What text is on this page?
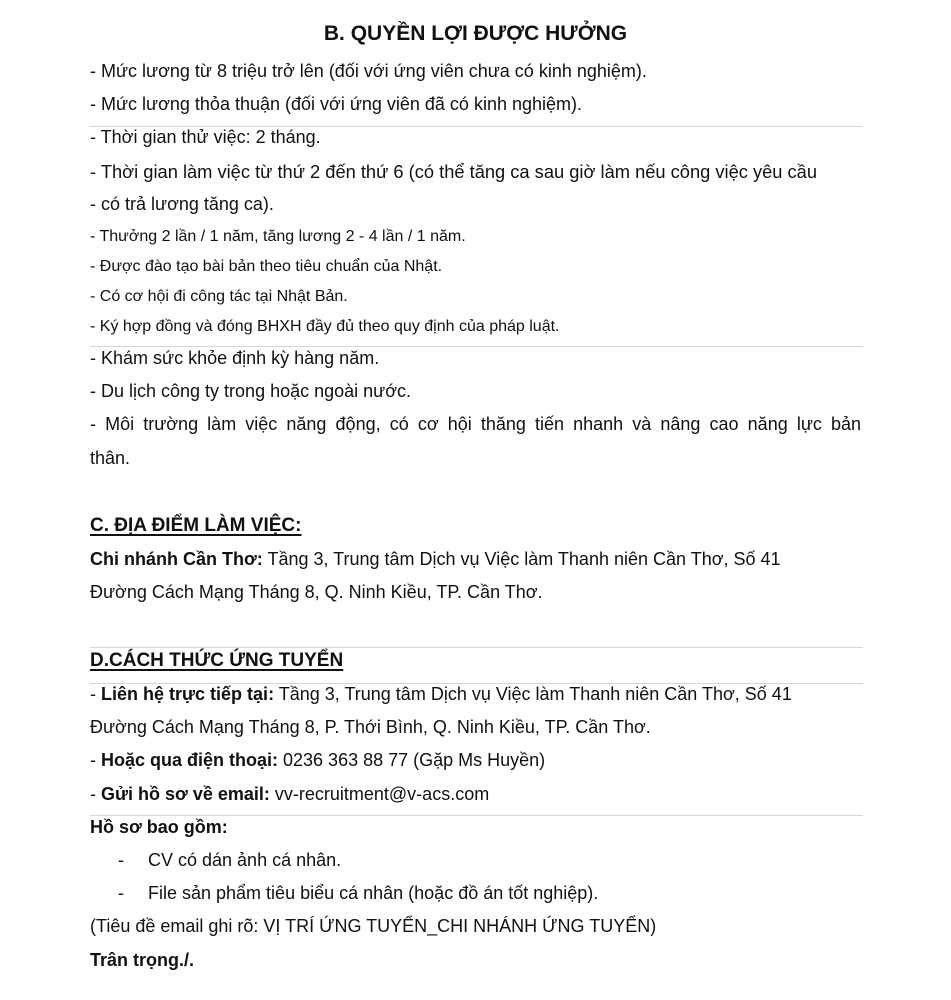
B. QUYỀN LỢI ĐƯỢC HƯỞNG
- Mức lương từ 8 triệu trở lên (đối với ứng viên chưa có kinh nghiệm).
- Mức lương thỏa thuận (đối với ứng viên đã có kinh nghiệm).
- Thời gian thử việc: 2 tháng.
- Thời gian làm việc từ thứ 2 đến thứ 6 (có thể tăng ca sau giờ làm nếu công việc yêu cầu
- có trả lương tăng ca).
- Thưởng 2 lần / 1 năm, tăng lương 2 - 4 lần / 1 năm.
- Được đào tạo bài bản theo tiêu chuẩn của Nhật.
- Có cơ hội đi công tác tại Nhật Bản.
- Ký hợp đồng và đóng BHXH đầy đủ theo quy định của pháp luật.
- Khám sức khỏe định kỳ hàng năm.
- Du lịch công ty trong hoặc ngoài nước.
- Môi trường làm việc năng động, có cơ hội thăng tiến nhanh và nâng cao năng lực bản
thân.
C. ĐỊA ĐIỂM LÀM VIỆC:
Chi nhánh Cần Thơ: Tầng 3, Trung tâm Dịch vụ Việc làm Thanh niên Cần Thơ, Số 41
Đường Cách Mạng Tháng 8, Q. Ninh Kiều, TP. Cần Thơ.
D.CÁCH THỨC ỨNG TUYỂN
- Liên hệ trực tiếp tại: Tầng 3, Trung tâm Dịch vụ Việc làm Thanh niên Cần Thơ, Số 41
Đường Cách Mạng Tháng 8, P. Thới Bình, Q. Ninh Kiều, TP. Cần Thơ.
- Hoặc qua điện thoại: 0236 363 88 77 (Gặp Ms Huyền)
- Gửi hồ sơ về email: vv-recruitment@v-acs.com
Hồ sơ bao gồm:
- CV có dán ảnh cá nhân.
- File sản phẩm tiêu biểu cá nhân (hoặc đồ án tốt nghiệp).
(Tiêu đề email ghi rõ: VỊ TRÍ ỨNG TUYỂN_CHI NHÁNH ỨNG TUYỂN)
Trân trọng./.
